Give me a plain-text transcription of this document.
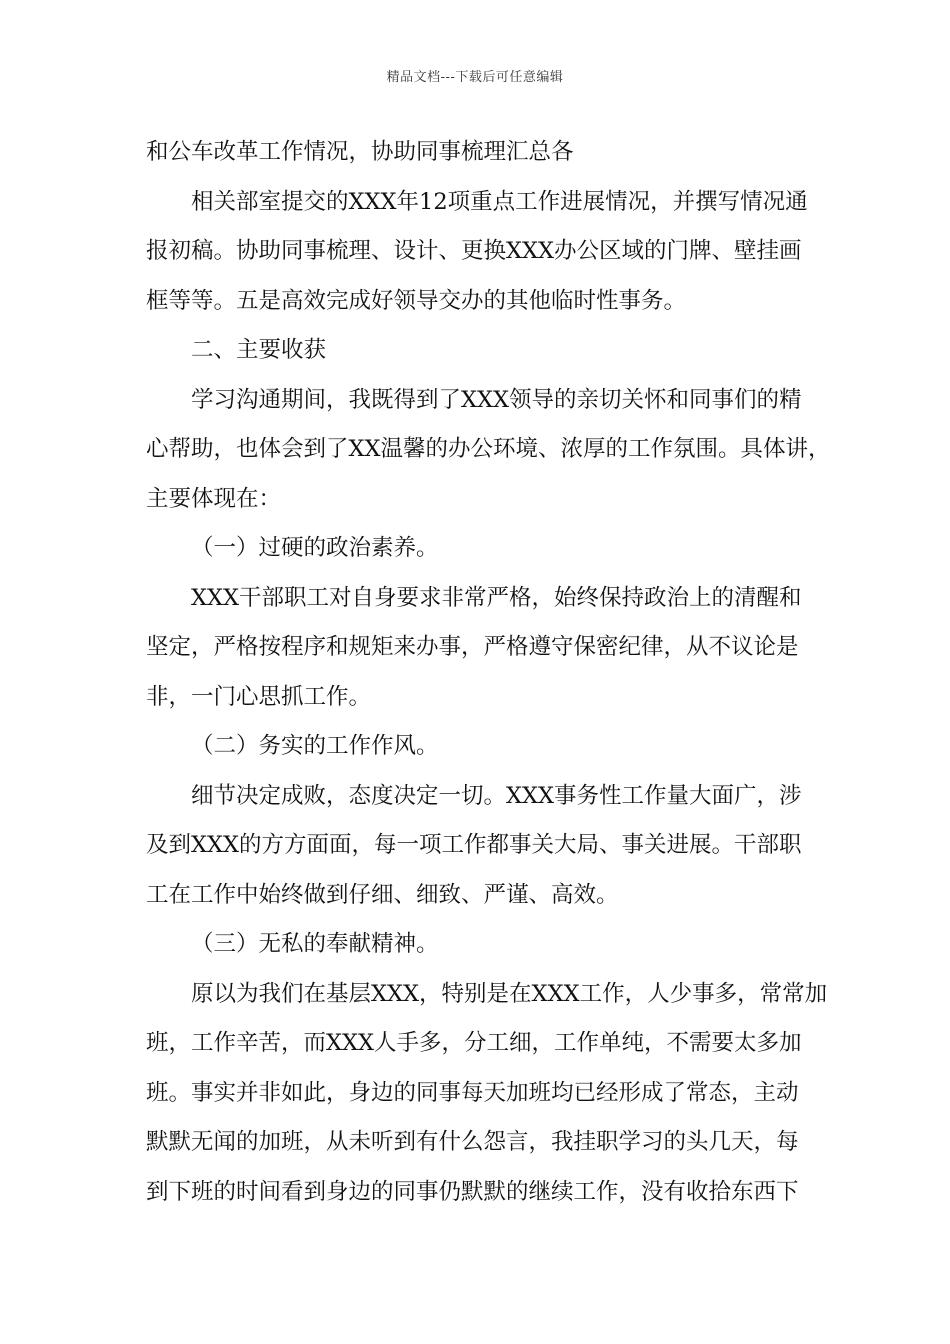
精品文档---下载后可任意编辑
和公车改革工作情况，协助同事梳理汇总各
相关部室提交的XXX年12项重点工作进展情况，并撰写情况通
报初稿。协助同事梳理、设计、更换XXX办公区域的门牌、壁挂画
框等等。五是高效完成好领导交办的其他临时性事务。
二、主要收获
学习沟通期间，我既得到了XXX领导的亲切关怀和同事们的精
心帮助，也体会到了XX温馨的办公环境、浓厚的工作氛围。具体讲，
主要体现在：
（一）过硬的政治素养。
XXX干部职工对自身要求非常严格，始终保持政治上的清醒和
坚定，严格按程序和规矩来办事，严格遵守保密纪律，从不议论是
非，一门心思抓工作。
（二）务实的工作作风。
细节决定成败，态度决定一切。XXX事务性工作量大面广，涉
及到XXX的方方面面，每一项工作都事关大局、事关进展。干部职
工在工作中始终做到仔细、细致、严谨、高效。
（三）无私的奉献精神。
原以为我们在基层XXX，特别是在XXX工作，人少事多，常常加
班，工作辛苦，而XXX人手多，分工细，工作单纯，不需要太多加
班。事实并非如此，身边的同事每天加班均已经形成了常态，主动
默默无闻的加班，从未听到有什么怨言，我挂职学习的头几天，每
到下班的时间看到身边的同事仍默默的继续工作，没有收拾东西下
